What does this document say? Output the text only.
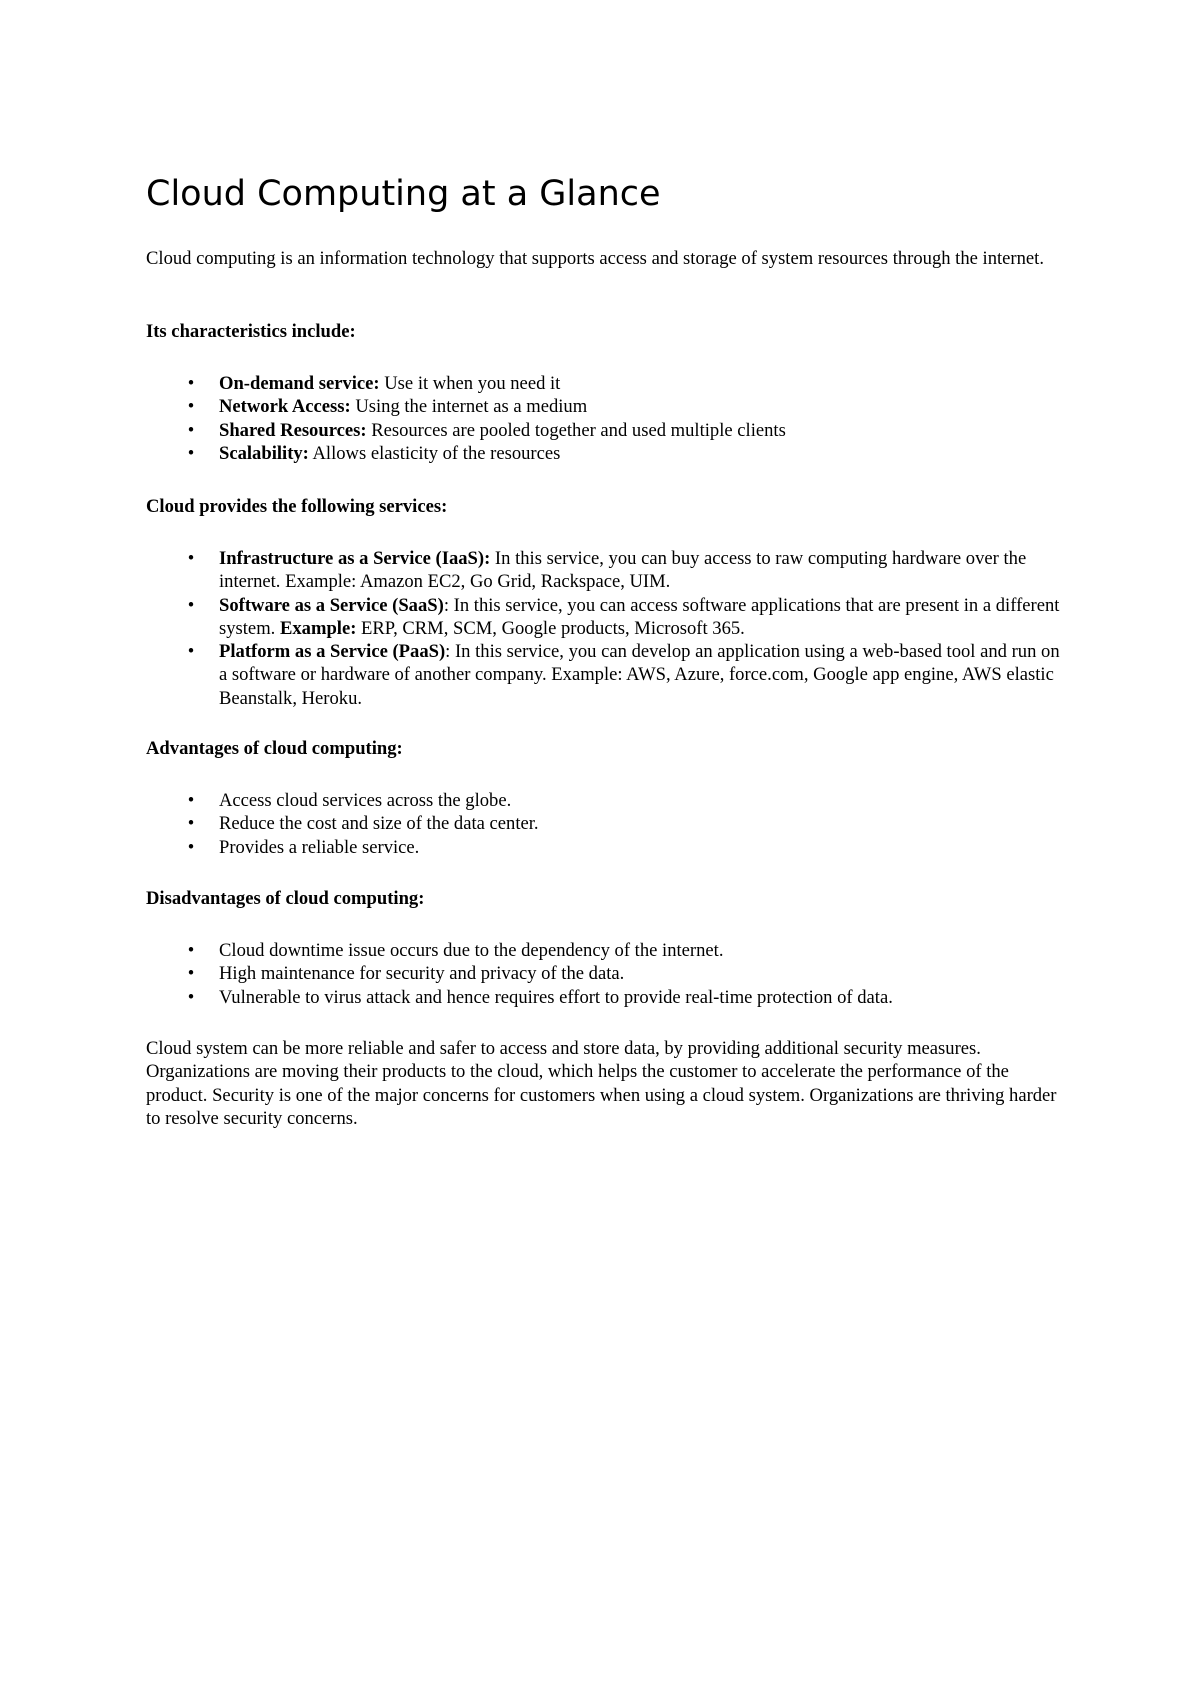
Cloud Computing at a Glance

Cloud computing is an information technology that supports access and storage of system resources through the internet.

Its characteristics include:

• On-demand service: Use it when you need it
• Network Access: Using the internet as a medium
• Shared Resources: Resources are pooled together and used multiple clients
• Scalability: Allows elasticity of the resources

Cloud provides the following services:

• Infrastructure as a Service (IaaS): In this service, you can buy access to raw computing hardware over the internet. Example: Amazon EC2, Go Grid, Rackspace, UIM.
• Software as a Service (SaaS): In this service, you can access software applications that are present in a different system. Example: ERP, CRM, SCM, Google products, Microsoft 365.
• Platform as a Service (PaaS): In this service, you can develop an application using a web-based tool and run on a software or hardware of another company. Example: AWS, Azure, force.com, Google app engine, AWS elastic Beanstalk, Heroku.

Advantages of cloud computing:

• Access cloud services across the globe.
• Reduce the cost and size of the data center.
• Provides a reliable service.

Disadvantages of cloud computing:

• Cloud downtime issue occurs due to the dependency of the internet.
• High maintenance for security and privacy of the data.
• Vulnerable to virus attack and hence requires effort to provide real-time protection of data.

Cloud system can be more reliable and safer to access and store data, by providing additional security measures. Organizations are moving their products to the cloud, which helps the customer to accelerate the performance of the product. Security is one of the major concerns for customers when using a cloud system. Organizations are thriving harder to resolve security concerns.
